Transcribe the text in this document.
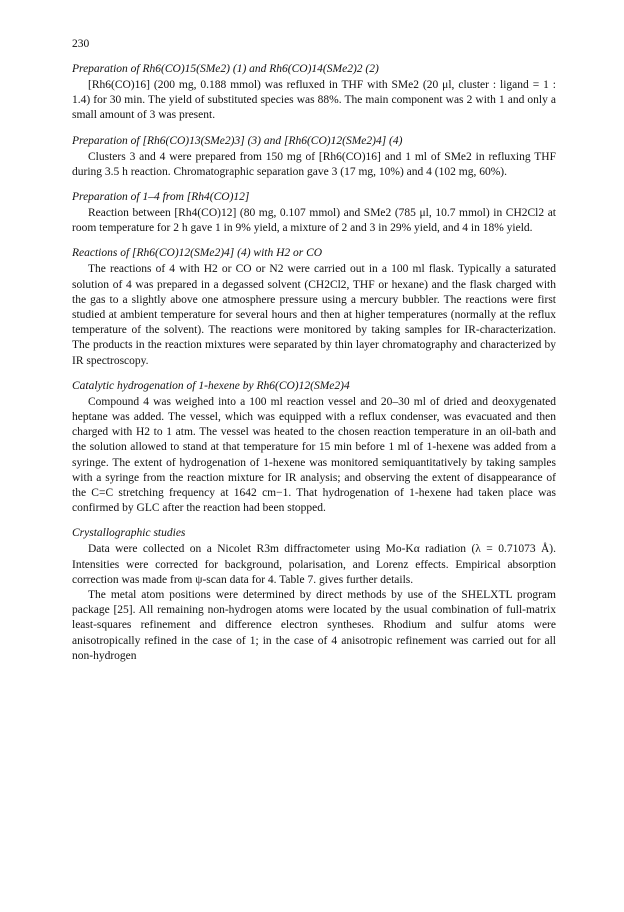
230
Preparation of Rh6(CO)15(SMe2) (1) and Rh6(CO)14(SMe2)2 (2)

[Rh6(CO)16] (200 mg, 0.188 mmol) was refluxed in THF with SMe2 (20 μl, cluster : ligand = 1 : 1.4) for 30 min. The yield of substituted species was 88%. The main component was 2 with 1 and only a small amount of 3 was present.

Preparation of [Rh6(CO)13(SMe2)3] (3) and [Rh6(CO)12(SMe2)4] (4)

Clusters 3 and 4 were prepared from 150 mg of [Rh6(CO)16] and 1 ml of SMe2 in refluxing THF during 3.5 h reaction. Chromatographic separation gave 3 (17 mg, 10%) and 4 (102 mg, 60%).

Preparation of 1–4 from [Rh4(CO)12]

Reaction between [Rh4(CO)12] (80 mg, 0.107 mmol) and SMe2 (785 μl, 10.7 mmol) in CH2Cl2 at room temperature for 2 h gave 1 in 9% yield, a mixture of 2 and 3 in 29% yield, and 4 in 18% yield.

Reactions of [Rh6(CO)12(SMe2)4] (4) with H2 or CO

The reactions of 4 with H2 or CO or N2 were carried out in a 100 ml flask. Typically a saturated solution of 4 was prepared in a degassed solvent (CH2Cl2, THF or hexane) and the flask charged with the gas to a slightly above one atmosphere pressure using a mercury bubbler. The reactions were first studied at ambient temperature for several hours and then at higher temperatures (normally at the reflux temperature of the solvent). The reactions were monitored by taking samples for IR-characterization. The products in the reaction mixtures were separated by thin layer chromatography and characterized by IR spectroscopy.

Catalytic hydrogenation of 1-hexene by Rh6(CO)12(SMe2)4

Compound 4 was weighed into a 100 ml reaction vessel and 20–30 ml of dried and deoxygenated heptane was added. The vessel, which was equipped with a reflux condenser, was evacuated and then charged with H2 to 1 atm. The vessel was heated to the chosen reaction temperature in an oil-bath and the solution allowed to stand at that temperature for 15 min before 1 ml of 1-hexene was added from a syringe. The extent of hydrogenation of 1-hexene was monitored semiquantitatively by taking samples with a syringe from the reaction mixture for IR analysis; and observing the extent of disappearance of the C=C stretching frequency at 1642 cm−1. That hydrogenation of 1-hexene had taken place was confirmed by GLC after the reaction had been stopped.

Crystallographic studies

Data were collected on a Nicolet R3m diffractometer using Mo-Kα radiation (λ = 0.71073 Å). Intensities were corrected for background, polarisation, and Lorenz effects. Empirical absorption correction was made from ψ-scan data for 4. Table 7. gives further details.

The metal atom positions were determined by direct methods by use of the SHELXTL program package [25]. All remaining non-hydrogen atoms were located by the usual combination of full-matrix least-squares refinement and difference electron syntheses. Rhodium and sulfur atoms were anisotropically refined in the case of 1; in the case of 4 anisotropic refinement was carried out for all non-hydrogen
